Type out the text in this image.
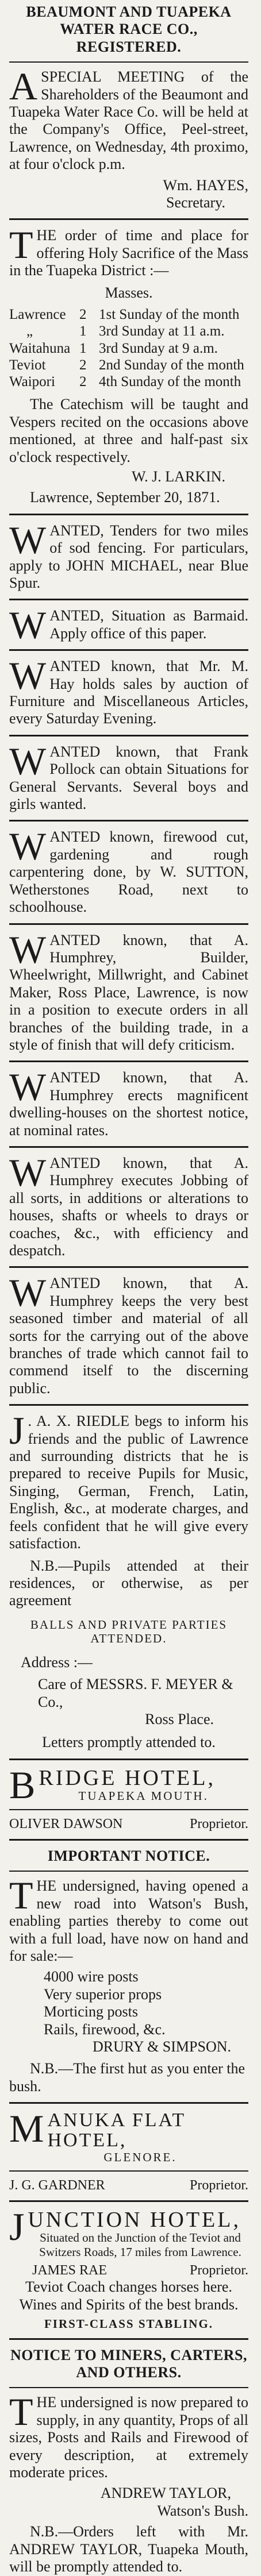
BEAUMONT AND TUAPEKA WATER RACE CO., REGISTERED.
ASPECIAL MEETING of the Shareholders of the Beaumont and Tuapeka Water Race Co. will be held at the Company's Office, Peel-street, Lawrence, on Wednesday, 4th proximo, at four o'clock p.m.
Wm. HAYES,
Secretary.
THE order of time and place for offering Holy Sacrifice of the Mass in the Tuapeka District :—
Masses.
Lawrence 2 1st Sunday of the month
„	1 3rd Sunday at 11 a.m.
Waitahuna 1 3rd Sunday at 9 a.m.
Teviot	2 2nd Sunday of the month
Waipori	2 4th Sunday of the month
The Catechism will be taught and Vespers recited on the occasions above mentioned, at three and half-past six o'clock respectively.
W. J. LARKIN.
Lawrence, September 20, 1871.
WANTED, Tenders for two miles of sod fencing. For particulars, apply to JOHN MICHAEL, near Blue Spur.
WANTED, Situation as Barmaid. Apply office of this paper.
WANTED known, that Mr. M. Hay holds sales by auction of Furniture and Miscellaneous Articles, every Saturday Evening.
WANTED known, that Frank Pollock can obtain Situations for General Servants. Several boys and girls wanted.
WANTED known, firewood cut, gardening and rough carpentering done, by W. SUTTON, Wetherstones Road, next to schoolhouse.
WANTED known, that A. Humphrey, Builder, Wheelwright, Millwright, and Cabinet Maker, Ross Place, Lawrence, is now in a position to execute orders in all branches of the building trade, in a style of finish that will defy criticism.
WANTED known, that A. Humphrey erects magnificent dwelling-houses on the shortest notice, at nominal rates.
WANTED known, that A. Humphrey executes Jobbing of all sorts, in additions or alterations to houses, shafts or wheels to drays or coaches, &c., with efficiency and despatch.
WANTED known, that A. Humphrey keeps the very best seasoned timber and material of all sorts for the carrying out of the above branches of trade which cannot fail to commend itself to the discerning public.
J . A. X. RIEDLE begs to inform his friends and the public of Lawrence and surrounding districts that he is prepared to receive Pupils for Music, Singing, German, French, Latin, English, &c., at moderate charges, and feels confident that he will give every satisfaction.
N.B.—Pupils attended at their residences, or otherwise, as per agreement
BALLS AND PRIVATE PARTIES ATTENDED.
Address :—
Care of MESSRS. F. MEYER & Co.,
Ross Place.
Letters promptly attended to.
BRIDGE HOTEL,
TUAPEKA MOUTH.
OLIVER DAWSON	Proprietor.
IMPORTANT NOTICE.
THE undersigned, having opened a new road into Watson's Bush, enabling parties thereby to come out with a full load, have now on hand and for sale:—
4000 wire posts
Very superior props
Morticing posts
Rails, firewood, &c.
DRURY & SIMPSON.
N.B.—The first hut as you enter the bush.
MANUKA FLAT HOTEL,
GLENORE.
J. G. GARDNER	Proprietor.
JUNCTION HOTEL,
Situated on the Junction of the Teviot and Switzers Roads, 17 miles from Lawrence.
JAMES RAE	Proprietor.
Teviot Coach changes horses here.
Wines and Spirits of the best brands.
FIRST-CLASS STABLING.
NOTICE TO MINERS, CARTERS, AND OTHERS.
THE undersigned is now prepared to supply, in any quantity, Props of all sizes, Posts and Rails and Firewood of every description, at extremely moderate prices.
ANDREW TAYLOR,
Watson's Bush.
N.B.—Orders left with Mr. ANDREW TAYLOR, Tuapeka Mouth, will be promptly attended to.
